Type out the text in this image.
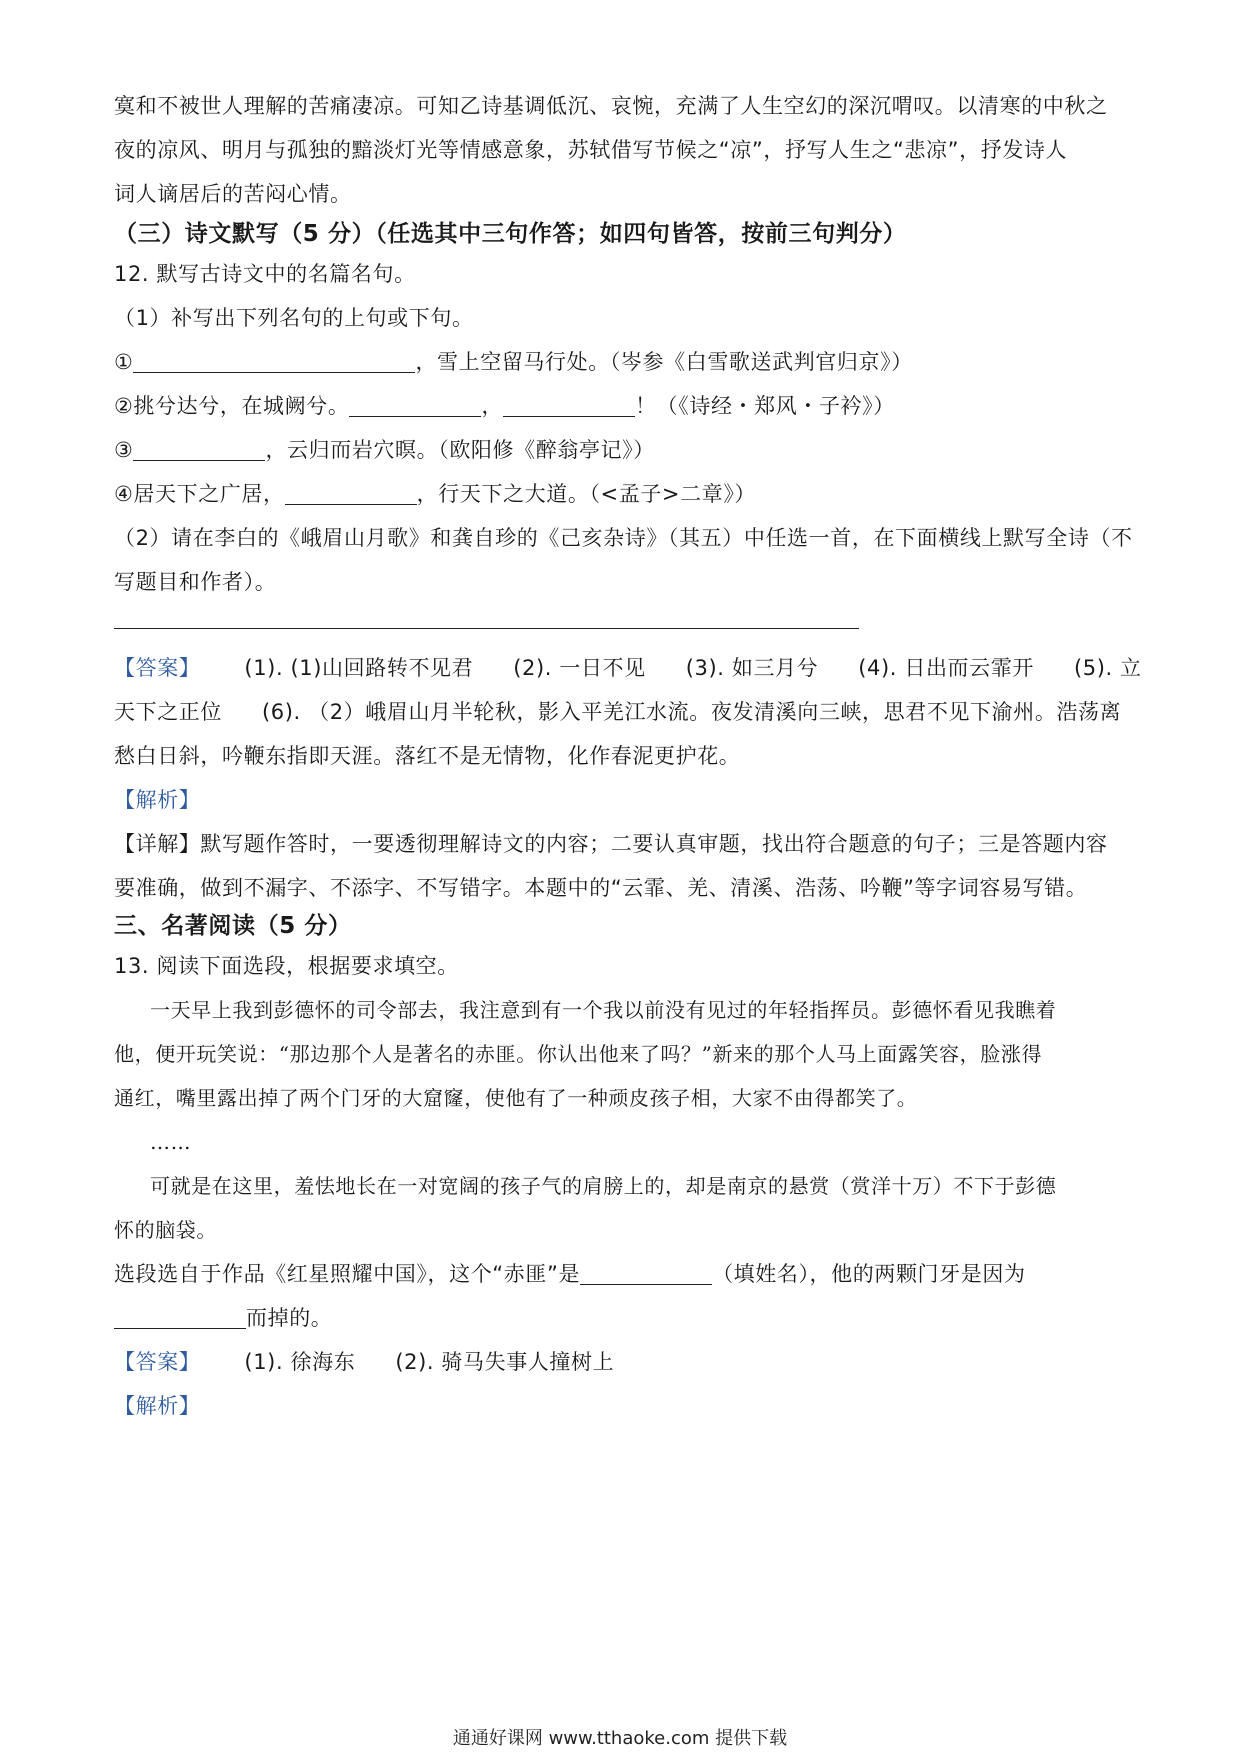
寞和不被世人理解的苦痛凄凉。可知乙诗基调低沉、哀惋，充满了人生空幻的深沉喟叹。以清寒的中秋之
夜的凉风、明月与孤独的黯淡灯光等情感意象，苏轼借写节候之“凉”，抒写人生之“悲凉”，抒发诗人
词人谪居后的苦闷心情。
（三）诗文默写（5 分）（任选其中三句作答；如四句皆答，按前三句判分）
12. 默写古诗文中的名篇名句。
（1）补写出下列名句的上句或下句。
①	，雪上空留马行处。（岑参《白雪歌送武判官归京》）
②挑兮达兮，在城阙兮。	，	！（《诗经・郑风・子衿》）
③	，云归而岩穴暝。（欧阳修《醉翁亭记》）
④居天下之广居，	，行天下之大道。（<孟子>二章》）
（2）请在李白的《峨眉山月歌》和龚自珍的《己亥杂诗》（其五）中任选一首，在下面横线上默写全诗（不
写题目和作者）。
【答案】 (1). (1)山回路转不见君 (2). 一日不见 (3). 如三月兮 (4). 日出而云霏开 (5). 立
天下之正位 (6). （2）峨眉山月半轮秋，影入平羌江水流。夜发清溪向三峡，思君不见下渝州。浩荡离
愁白日斜，吟鞭东指即天涯。落红不是无情物，化作春泥更护花。
【解析】
【详解】默写题作答时，一要透彻理解诗文的内容；二要认真审题，找出符合题意的句子；三是答题内容
要准确，做到不漏字、不添字、不写错字。本题中的“云霏、羌、清溪、浩荡、吟鞭”等字词容易写错。
三、名著阅读（5 分）
13. 阅读下面选段，根据要求填空。
一天早上我到彭德怀的司令部去，我注意到有一个我以前没有见过的年轻指挥员。彭德怀看见我瞧着
他，便开玩笑说：“那边那个人是著名的赤匪。你认出他来了吗？”新来的那个人马上面露笑容，脸涨得
通红，嘴里露出掉了两个门牙的大窟窿，使他有了一种顽皮孩子相，大家不由得都笑了。
……
可就是在这里，羞怯地长在一对宽阔的孩子气的肩膀上的，却是南京的悬赏（赏洋十万）不下于彭德
怀的脑袋。
选段选自于作品《红星照耀中国》，这个“赤匪”是	（填姓名），他的两颗门牙是因为
而掉的。
【答案】 (1). 徐海东 (2). 骑马失事人撞树上
【解析】
通通好课网 www.tthaoke.com 提供下载
